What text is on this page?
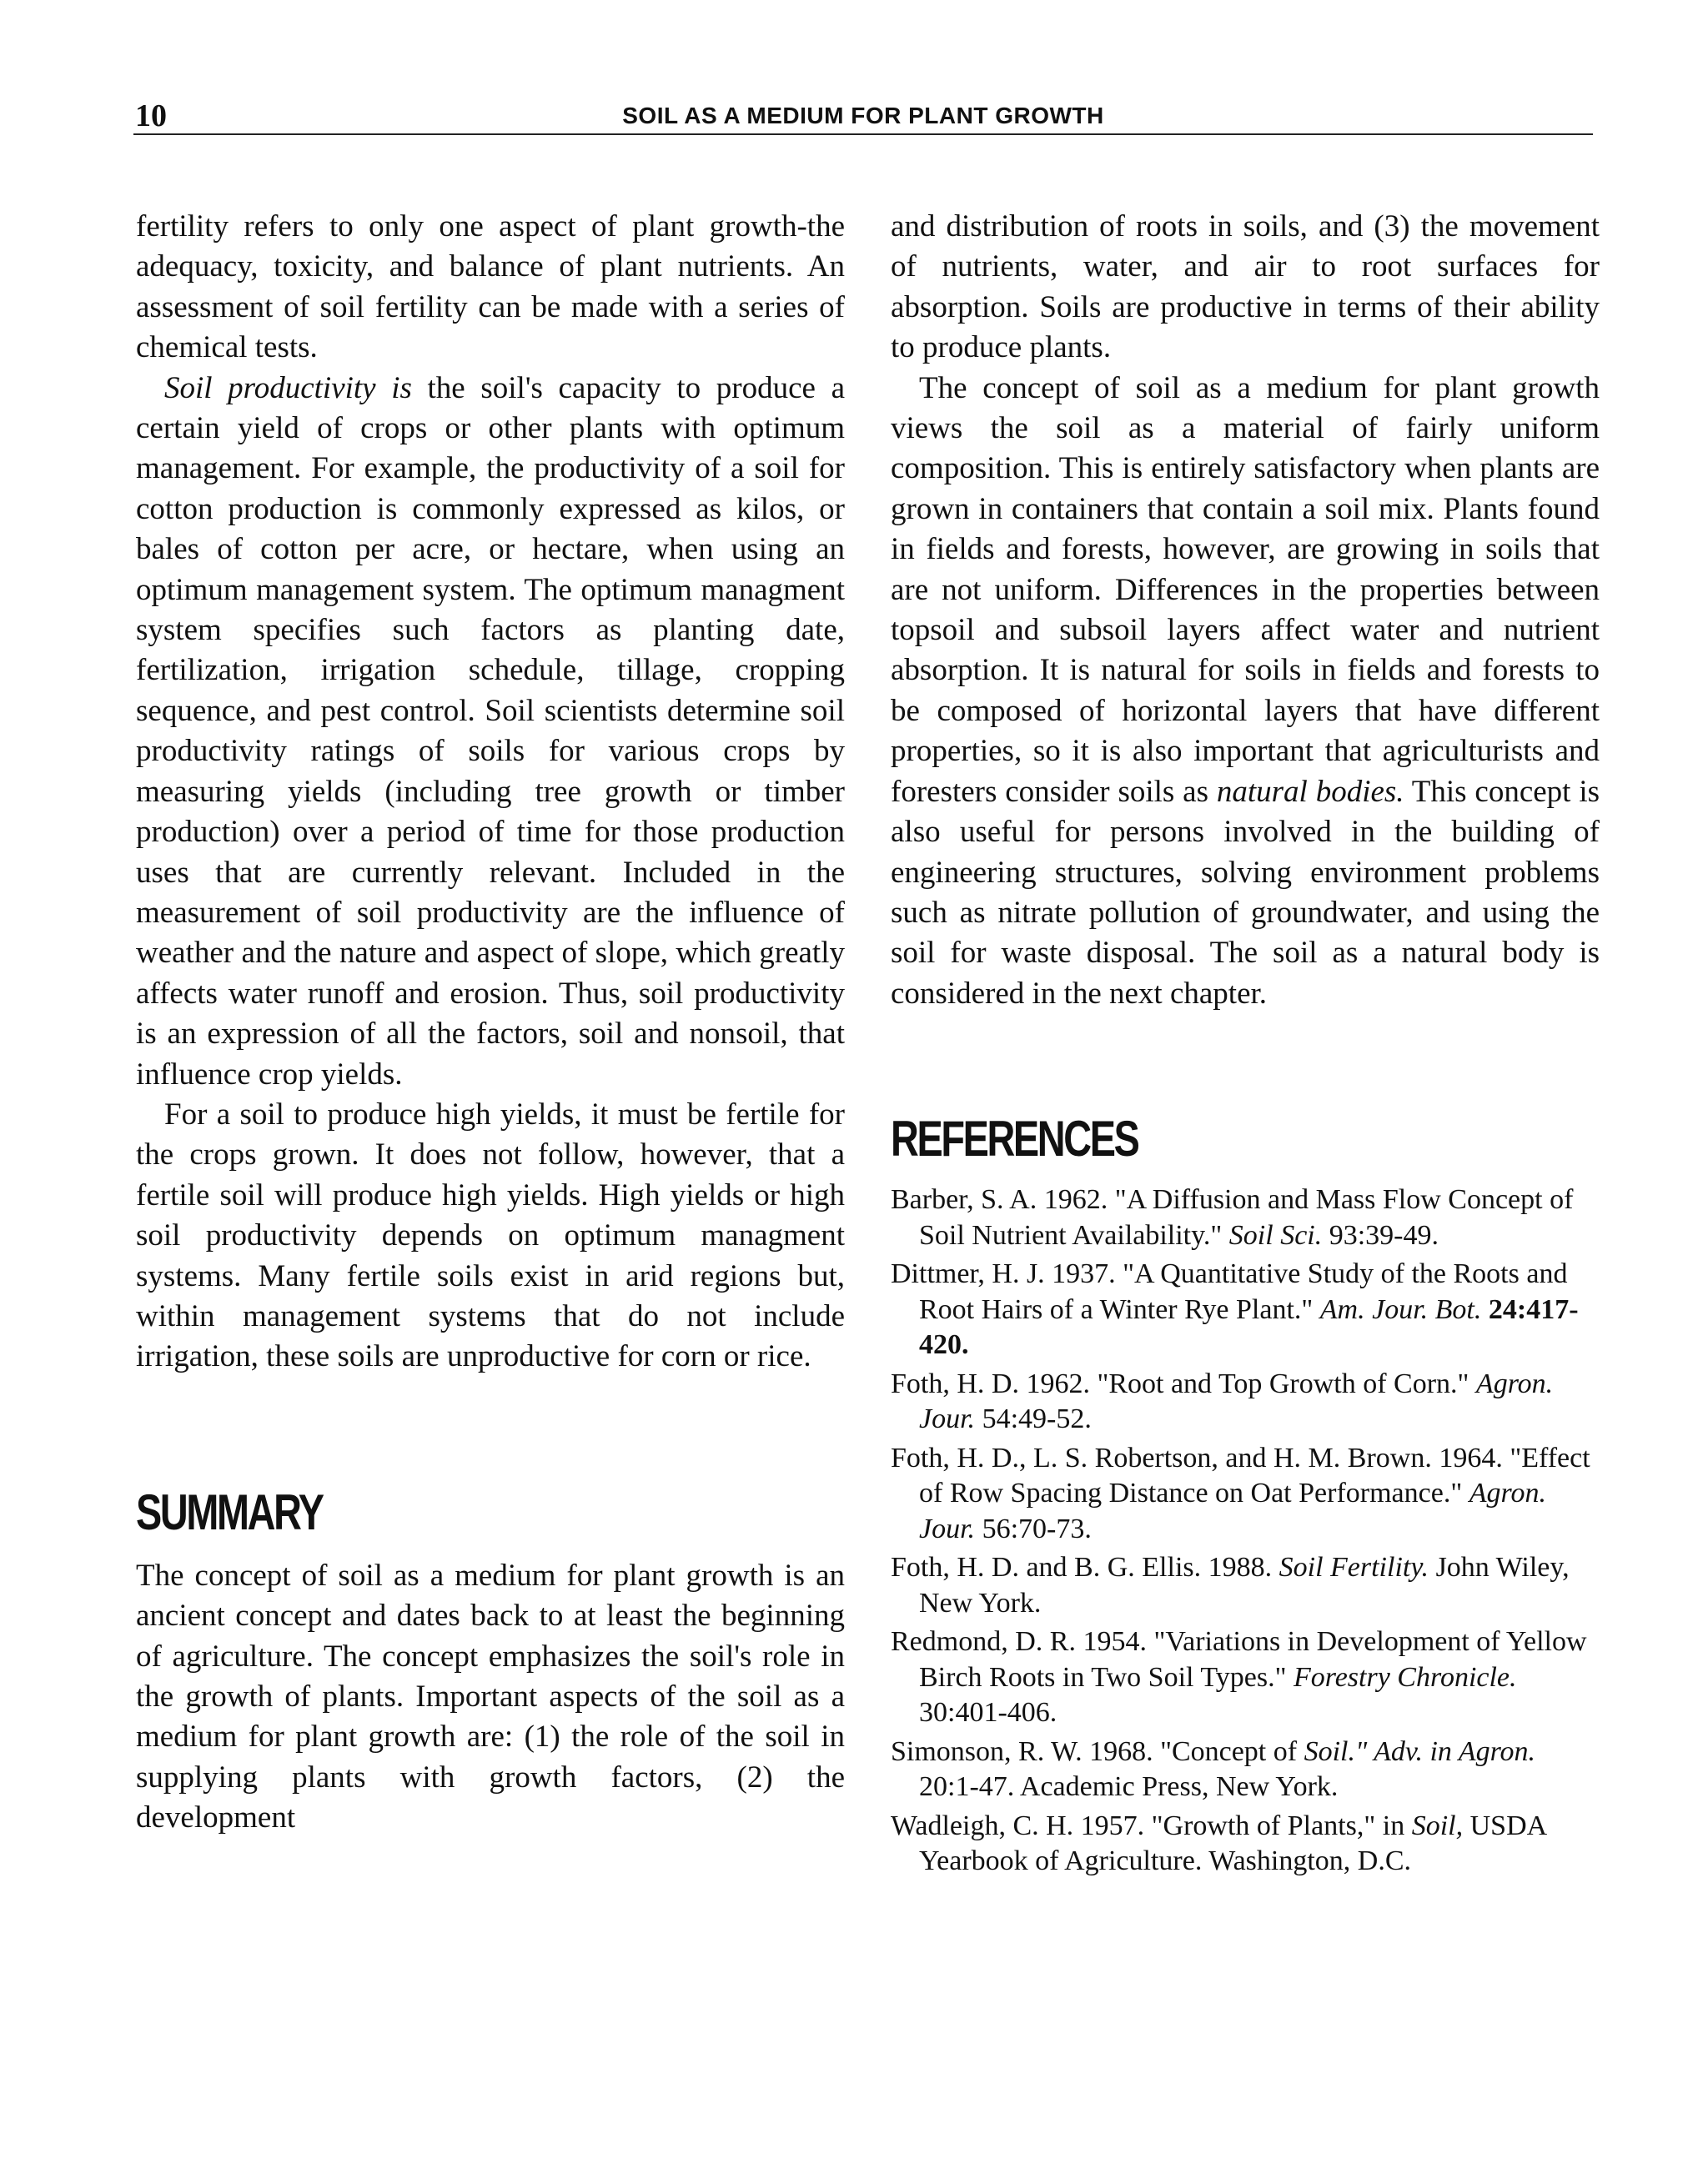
10	SOIL AS A MEDIUM FOR PLANT GROWTH

fertility refers to only one aspect of plant growth-the adequacy, toxicity, and balance of plant nutrients. An assessment of soil fertility can be made with a series of chemical tests.

Soil productivity is the soil's capacity to produce a certain yield of crops or other plants with optimum management. For example, the productivity of a soil for cotton production is commonly expressed as kilos, or bales of cotton per acre, or hectare, when using an optimum management system. The optimum managment system specifies such factors as planting date, fertilization, irrigation schedule, tillage, cropping sequence, and pest control. Soil scientists determine soil productivity ratings of soils for various crops by measuring yields (including tree growth or timber production) over a period of time for those production uses that are currently relevant. Included in the measurement of soil productivity are the influence of weather and the nature and aspect of slope, which greatly affects water runoff and erosion. Thus, soil productivity is an expression of all the factors, soil and nonsoil, that influence crop yields.

For a soil to produce high yields, it must be fertile for the crops grown. It does not follow, however, that a fertile soil will produce high yields. High yields or high soil productivity depends on optimum managment systems. Many fertile soils exist in arid regions but, within management systems that do not include irrigation, these soils are unproductive for corn or rice.

SUMMARY

The concept of soil as a medium for plant growth is an ancient concept and dates back to at least the beginning of agriculture. The concept emphasizes the soil's role in the growth of plants. Important aspects of the soil as a medium for plant growth are: (1) the role of the soil in supplying plants with growth factors, (2) the development

and distribution of roots in soils, and (3) the movement of nutrients, water, and air to root surfaces for absorption. Soils are productive in terms of their ability to produce plants.

The concept of soil as a medium for plant growth views the soil as a material of fairly uniform composition. This is entirely satisfactory when plants are grown in containers that contain a soil mix. Plants found in fields and forests, however, are growing in soils that are not uniform. Differences in the properties between topsoil and subsoil layers affect water and nutrient absorption. It is natural for soils in fields and forests to be composed of horizontal layers that have different properties, so it is also important that agriculturists and foresters consider soils as natural bodies. This concept is also useful for persons involved in the building of engineering structures, solving environment problems such as nitrate pollution of groundwater, and using the soil for waste disposal. The soil as a natural body is considered in the next chapter.

REFERENCES

Barber, S. A. 1962. "A Diffusion and Mass Flow Concept of Soil Nutrient Availability." Soil Sci. 93:39-49.

Dittmer, H. J. 1937. "A Quantitative Study of the Roots and Root Hairs of a Winter Rye Plant." Am. Jour. Bot. 24:417-420.

Foth, H. D. 1962. "Root and Top Growth of Corn." Agron. Jour. 54:49-52.

Foth, H. D., L. S. Robertson, and H. M. Brown. 1964. "Effect of Row Spacing Distance on Oat Performance." Agron. Jour. 56:70-73.

Foth, H. D. and B. G. Ellis. 1988. Soil Fertility. John Wiley, New York.

Redmond, D. R. 1954. "Variations in Development of Yellow Birch Roots in Two Soil Types." Forestry Chronicle. 30:401-406.

Simonson, R. W. 1968. "Concept of Soil." Adv. in Agron. 20:1-47. Academic Press, New York.

Wadleigh, C. H. 1957. "Growth of Plants," in Soil, USDA Yearbook of Agriculture. Washington, D.C.
